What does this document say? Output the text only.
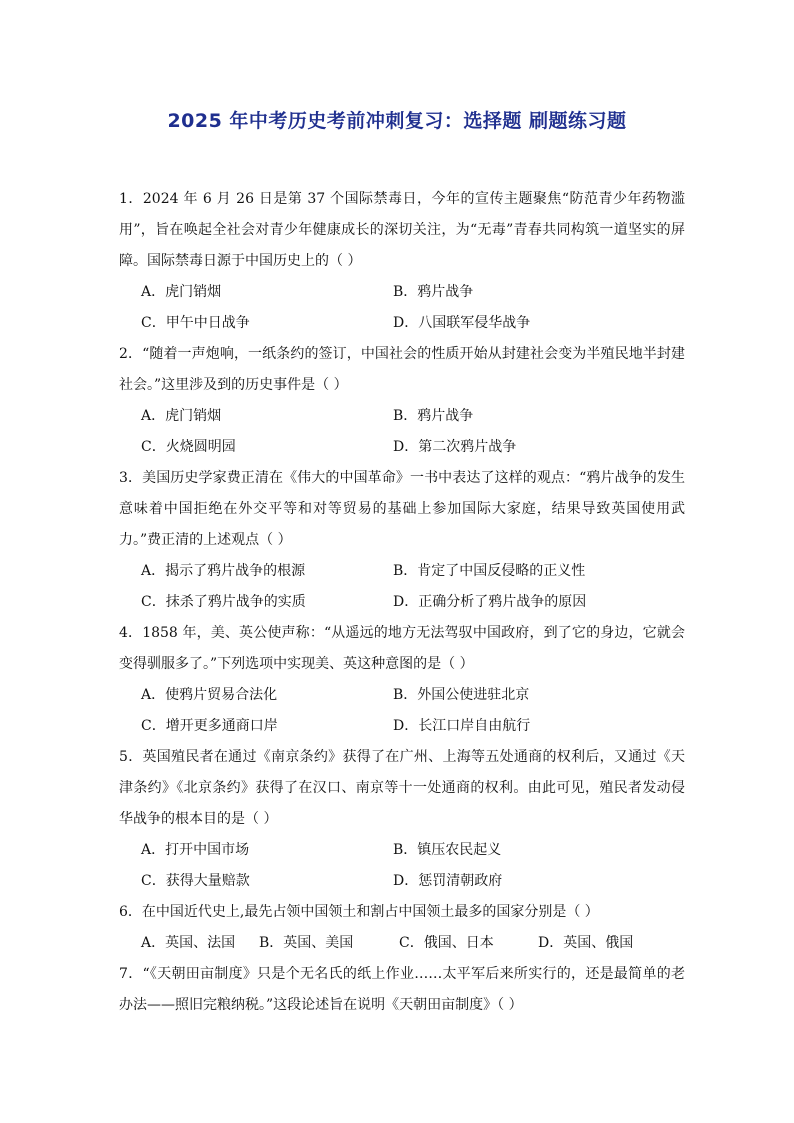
2025 年中考历史考前冲刺复习：选择题 刷题练习题

1．2024 年 6 月 26 日是第 37 个国际禁毒日，今年的宣传主题聚焦“防范青少年药物滥用”，旨在唤起全社会对青少年健康成长的深切关注，为“无毒”青春共同构筑一道坚实的屏障。国际禁毒日源于中国历史上的（ ）

A．虎门销烟	B．鸦片战争
C．甲午中日战争	D．八国联军侵华战争

2．“随着一声炮响，一纸条约的签订，中国社会的性质开始从封建社会变为半殖民地半封建社会。”这里涉及到的历史事件是（ ）

A．虎门销烟	B．鸦片战争
C．火烧圆明园	D．第二次鸦片战争

3．美国历史学家费正清在《伟大的中国革命》一书中表达了这样的观点：“鸦片战争的发生意味着中国拒绝在外交平等和对等贸易的基础上参加国际大家庭，结果导致英国使用武力。”费正清的上述观点（ ）

A．揭示了鸦片战争的根源	B．肯定了中国反侵略的正义性
C．抹杀了鸦片战争的实质	D．正确分析了鸦片战争的原因

4．1858 年，美、英公使声称：“从遥远的地方无法驾驭中国政府，到了它的身边，它就会变得驯服多了。”下列选项中实现美、英这种意图的是（ ）

A．使鸦片贸易合法化	B．外国公使进驻北京
C．增开更多通商口岸	D．长江口岸自由航行

5．英国殖民者在通过《南京条约》获得了在广州、上海等五处通商的权利后，又通过《天津条约》《北京条约》获得了在汉口、南京等十一处通商的权利。由此可见，殖民者发动侵华战争的根本目的是（ ）

A．打开中国市场	B．镇压农民起义
C．获得大量赔款	D．惩罚清朝政府

6．在中国近代史上,最先占领中国领土和割占中国领土最多的国家分别是（ ）

A．英国、法国	B．英国、美国	C．俄国、日本	D．英国、俄国

7．“《天朝田亩制度》只是个无名氏的纸上作业……太平军后来所实行的，还是最简单的老办法——照旧完粮纳税。”这段论述旨在说明《天朝田亩制度》（ ）
